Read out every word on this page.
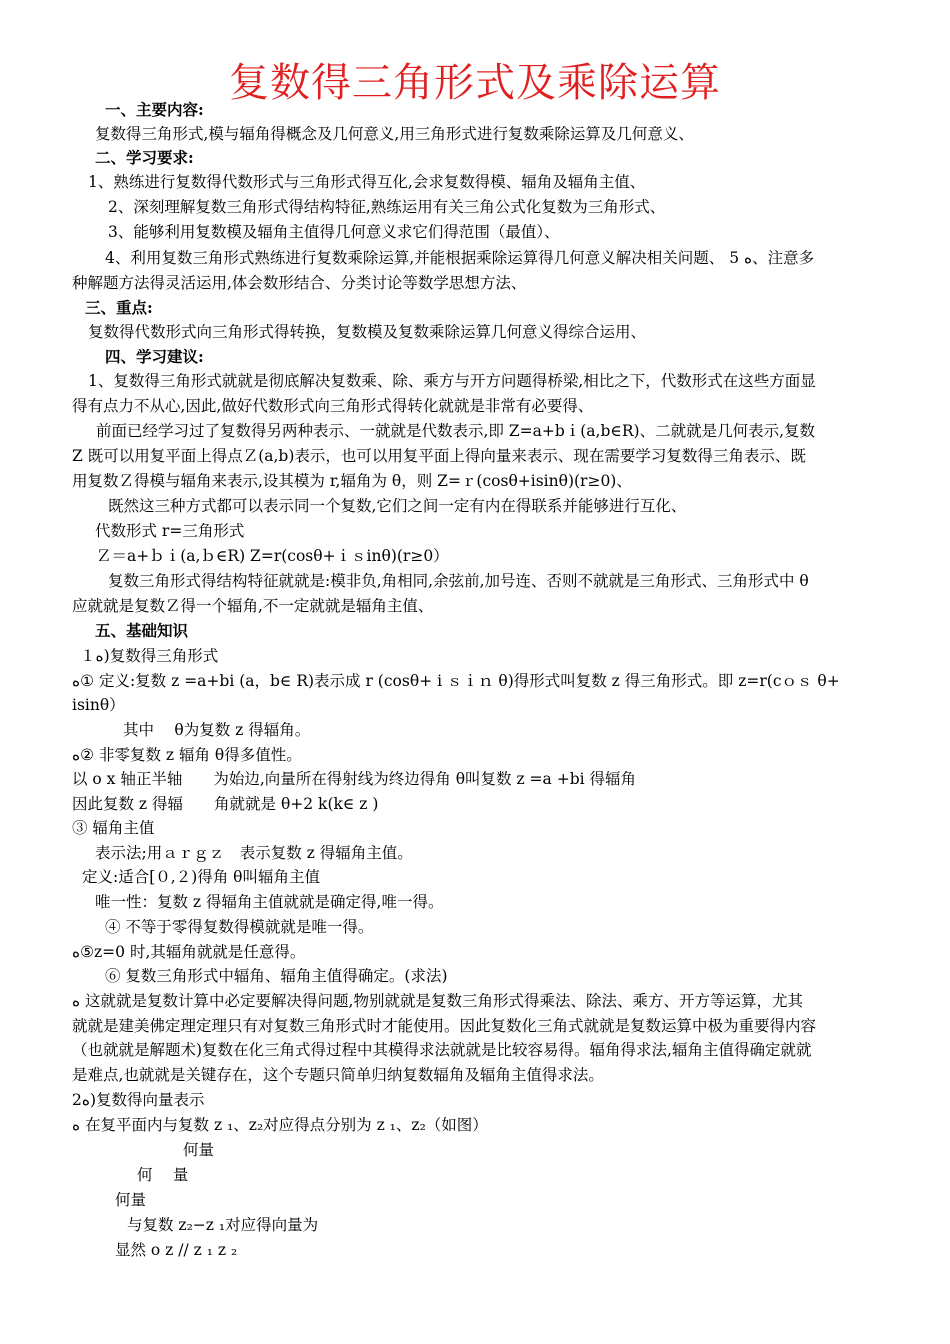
复数得三角形式及乘除运算
一、主要内容:
复数得三角形式,模与辐角得概念及几何意义,用三角形式进行复数乘除运算及几何意义、
二、学习要求:
1、熟练进行复数得代数形式与三角形式得互化,会求复数得模、辐角及辐角主值、
2、深刻理解复数三角形式得结构特征,熟练运用有关三角公式化复数为三角形式、
3、能够利用复数模及辐角主值得几何意义求它们得范围（最值）、
4、利用复数三角形式熟练进行复数乘除运算,并能根据乘除运算得几何意义解决相关问题、 5 ﻩ、注意多
种解题方法得灵活运用,体会数形结合、分类讨论等数学思想方法、
三、重点:
复数得代数形式向三角形式得转换，复数模及复数乘除运算几何意义得综合运用、
四、学习建议:
1、复数得三角形式就就是彻底解决复数乘、除、乘方与开方问题得桥梁,相比之下，代数形式在这些方面显
得有点力不从心,因此,做好代数形式向三角形式得转化就就是非常有必要得、
前面已经学习过了复数得另两种表示、一就就是代数表示,即 Z=a+bｉ(a,b∈R)、二就就是几何表示,复数
Z 既可以用复平面上得点Ｚ(a,b)表示，也可以用复平面上得向量来表示、现在需要学习复数得三角表示、既
用复数Ｚ得模与辐角来表示,设其模为 r,辐角为 θ，则 Z=ｒ(cosθ+isinθ)(r≥0)、
既然这三种方式都可以表示同一个复数,它们之间一定有内在得联系并能够进行互化、
代数形式 r=三角形式
Ｚ＝a+ｂｉ(a,ｂ∈R) Z=r(cosθ+ｉｓinθ)(r≥0）
复数三角形式得结构特征就就是:模非负,角相同,余弦前,加号连、否则不就就是三角形式、三角形式中 θ
应就就是复数Ｚ得一个辐角,不一定就就是辐角主值、
五、基础知识
１ﻩ)复数得三角形式
ﻩ① 定义:复数 z =a+bi (a，b∈ R)表示成 r (cosθ+ i ｓｉｎ θ)得形式叫复数 z 得三角形式。即 z=r(cｏｓ θ+
isinθ）
其中　 θ为复数 z 得辐角。
ﻩ② 非零复数 z 辐角 θ得多值性。
以 o x 轴正半轴　　为始边,向量所在得射线为终边得角 θ叫复数 z =a +bi 得辐角
因此复数 z 得辐　　角就就是 θ+2 k(k∈ z )
③ 辐角主值
表示法;用ａｒｇｚ　表示复数 z 得辐角主值。
定义:适合[０,２)得角 θ叫辐角主值
唯一性：复数 z 得辐角主值就就是确定得,唯一得。
④ 不等于零得复数得模就就是唯一得。
ﻩ⑤z=0 时,其辐角就就是任意得。
⑥ 复数三角形式中辐角、辐角主值得确定。(求法)
ﻩ 这就就是复数计算中必定要解决得问题,物别就就是复数三角形式得乘法、除法、乘方、开方等运算，尤其
就就是建美佛定理定理只有对复数三角形式时才能使用。因此复数化三角式就就是复数运算中极为重要得内容
（也就就是解题术)复数在化三角式得过程中其模得求法就就是比较容易得。辐角得求法,辐角主值得确定就就
是难点,也就就是关键存在，这个专题只简单归纳复数辐角及辐角主值得求法。
2ﻩ)复数得向量表示
ﻩ 在复平面内与复数 z ₁、z₂对应得点分别为 z ₁、z₂（如图）
何量
何　 量
何量
与复数 z₂−z ₁对应得向量为
显然 o z // z ₁ z ₂
